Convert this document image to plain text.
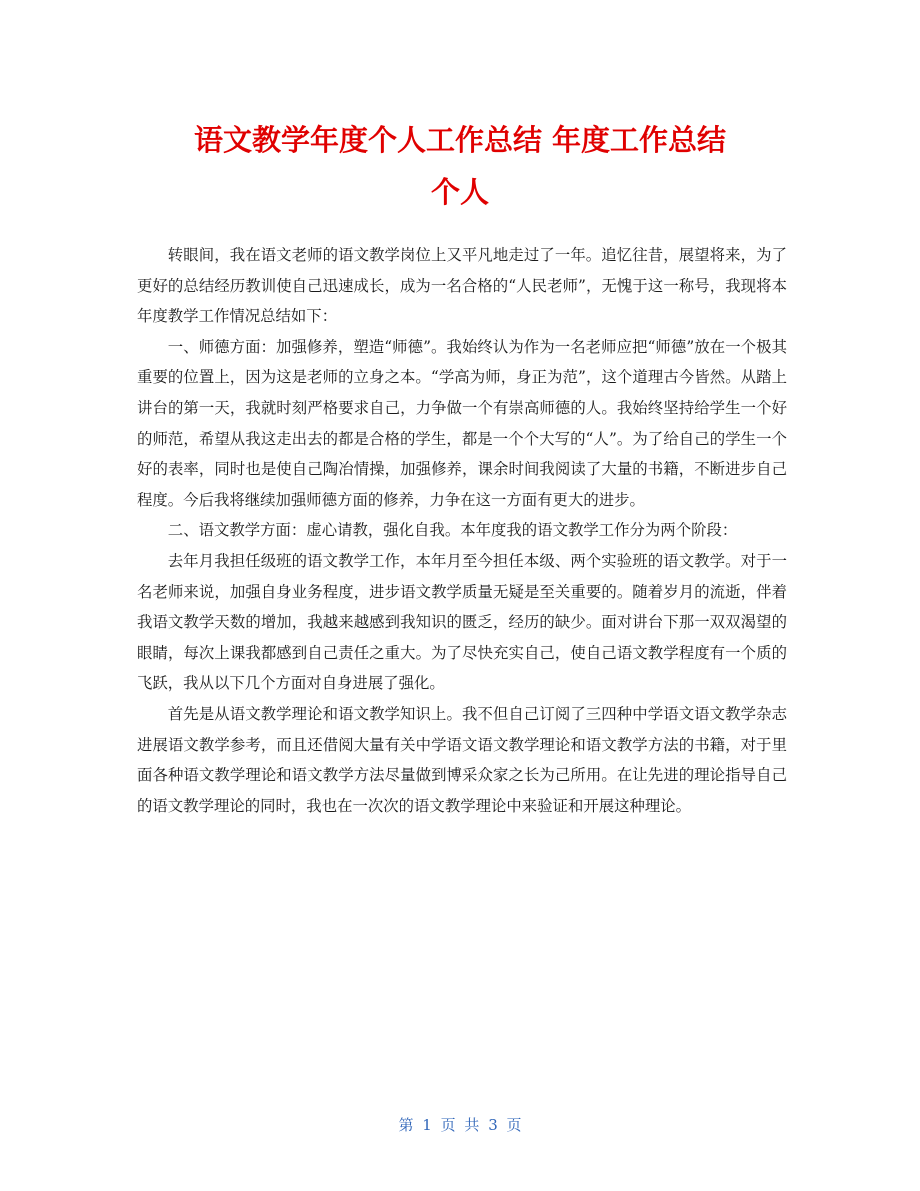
语文教学年度个人工作总结 年度工作总结
个人

转眼间，我在语文老师的语文教学岗位上又平凡地走过了一年。追忆往昔，展望将来，为了更好的总结经历教训使自己迅速成长，成为一名合格的“人民老师”，无愧于这一称号，我现将本年度教学工作情况总结如下：

一、师德方面：加强修养，塑造“师德”。我始终认为作为一名老师应把“师德”放在一个极其重要的位置上，因为这是老师的立身之本。“学高为师，身正为范”，这个道理古今皆然。从踏上讲台的第一天，我就时刻严格要求自己，力争做一个有崇高师德的人。我始终坚持给学生一个好的师范，希望从我这走出去的都是合格的学生，都是一个个大写的“人”。为了给自己的学生一个好的表率，同时也是使自己陶冶情操，加强修养，课余时间我阅读了大量的书籍，不断进步自己程度。今后我将继续加强师德方面的修养，力争在这一方面有更大的进步。

二、语文教学方面：虚心请教，强化自我。本年度我的语文教学工作分为两个阶段：

去年月我担任级班的语文教学工作，本年月至今担任本级、两个实验班的语文教学。对于一名老师来说，加强自身业务程度，进步语文教学质量无疑是至关重要的。随着岁月的流逝，伴着我语文教学天数的增加，我越来越感到我知识的匮乏，经历的缺少。面对讲台下那一双双渴望的眼睛，每次上课我都感到自己责任之重大。为了尽快充实自己，使自己语文教学程度有一个质的飞跃，我从以下几个方面对自身进展了强化。

首先是从语文教学理论和语文教学知识上。我不但自己订阅了三四种中学语文语文教学杂志进展语文教学参考，而且还借阅大量有关中学语文语文教学理论和语文教学方法的书籍，对于里面各种语文教学理论和语文教学方法尽量做到博采众家之长为己所用。在让先进的理论指导自己的语文教学理论的同时，我也在一次次的语文教学理论中来验证和开展这种理论。

第 1 页 共 3 页
